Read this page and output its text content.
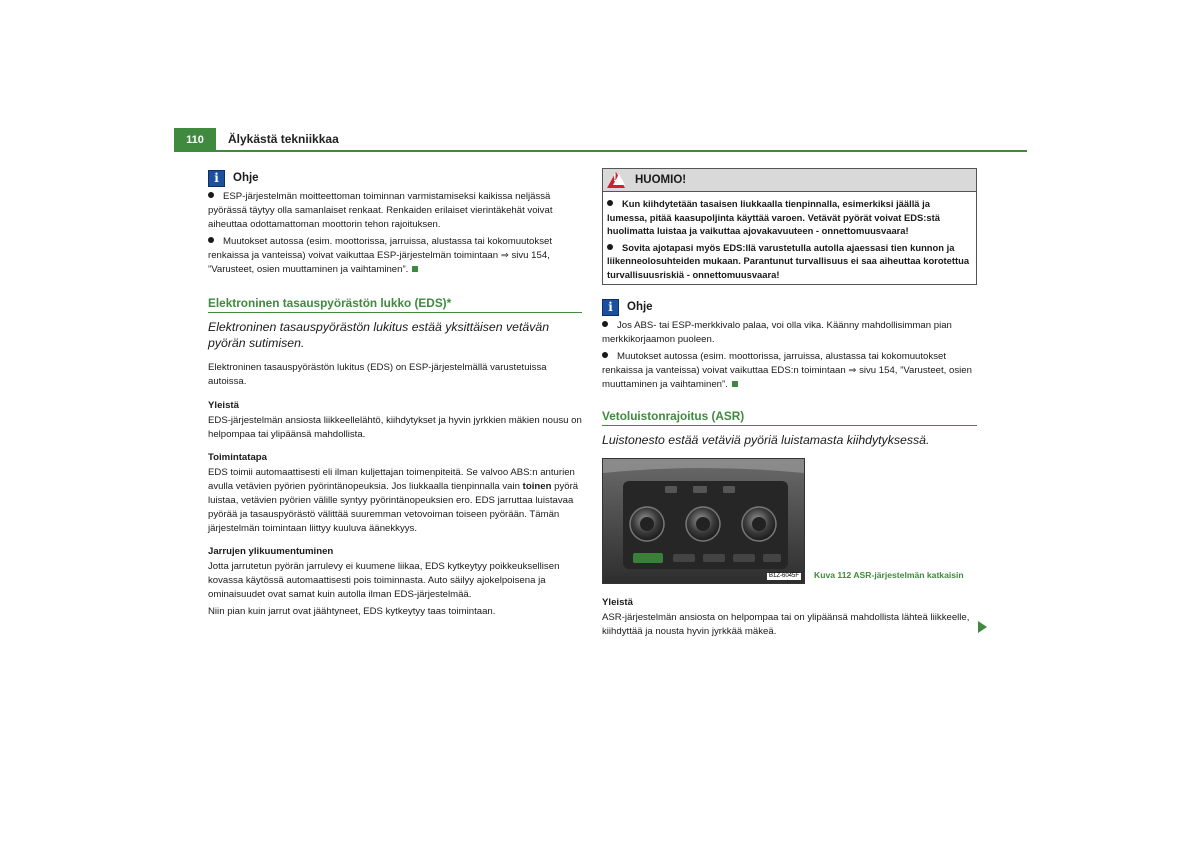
110	Älykästä tekniikkaa
i	Ohje

ESP-järjestelmän moitteettoman toiminnan varmistamiseksi kaikissa neljässä pyörässä täytyy olla samanlaiset renkaat. Renkaiden erilaiset vierintäkehät voivat aiheuttaa odottamattoman moottorin tehon rajoituksen.

Muutokset autossa (esim. moottorissa, jarruissa, alustassa tai kokomuutokset renkaissa ja vanteissa) voivat vaikuttaa ESP-järjestelmän toimintaan ⇒ sivu 154, ”Varusteet, osien muuttaminen ja vaihtaminen”.

Elektroninen tasauspyörästön lukko (EDS)*

Elektroninen tasauspyörästön lukitus estää yksittäisen vetävän pyörän sutimisen.

Elektroninen tasauspyörästön lukitus (EDS) on ESP-järjestelmällä varustetuissa autoissa.

Yleistä

EDS-järjestelmän ansiosta liikkeellelähtö, kiihdytykset ja hyvin jyrkkien mäkien nousu on helpompaa tai ylipäänsä mahdollista.

Toimintatapa

EDS toimii automaattisesti eli ilman kuljettajan toimenpiteitä. Se valvoo ABS:n anturien avulla vetävien pyörien pyörintänopeuksia. Jos liukkaalla tienpinnalla vain toinen pyörä luistaa, vetävien pyörien välille syntyy pyörintänopeuksien ero. EDS jarruttaa luistavaa pyörää ja tasauspyörästö välittää suuremman vetovoiman toiseen pyörään. Tämän järjestelmän toimintaan liittyy kuuluva äänekkyys.

Jarrujen ylikuumentuminen

Jotta jarrutetun pyörän jarrulevy ei kuumene liikaa, EDS kytkeytyy poikkeuksellisen kovassa käytössä automaattisesti pois toiminnasta. Auto säilyy ajokelpoisena ja ominaisuudet ovat samat kuin autolla ilman EDS-järjestelmää.

Niin pian kuin jarrut ovat jäähtyneet, EDS kytkeytyy taas toimintaan.

! HUOMIO!

Kun kiihdytetään tasaisen liukkaalla tienpinnalla, esimerkiksi jäällä ja lumessa, pitää kaasupoljinta käyttää varoen. Vetävät pyörät voivat EDS:stä huolimatta luistaa ja vaikuttaa ajovakavuuteen - onnettomuusvaara!

Sovita ajotapasi myös EDS:llä varustetulla autolla ajaessasi tien kunnon ja liikenneolosuhteiden mukaan. Parantunut turvallisuus ei saa aiheuttaa korotettua turvallisuusriskiä - onnettomuusvaara!

i	Ohje

Jos ABS- tai ESP-merkkivalo palaa, voi olla vika. Käänny mahdollisimman pian merkkikorjaamon puoleen.

Muutokset autossa (esim. moottorissa, jarruissa, alustassa tai kokomuutokset renkaissa ja vanteissa) voivat vaikuttaa EDS:n toimintaan ⇒ sivu 154, ”Varusteet, osien muuttaminen ja vaihtaminen”.

Vetoluistonrajoitus (ASR)

Luistonesto estää vetäviä pyöriä luistamasta kiihdytyksessä.

B1Z-6045F Kuva 112 ASR-järjestelmän katkaisin

Yleistä

ASR-järjestelmän ansiosta on helpompaa tai on ylipäänsä mahdollista lähteä liikkeelle, kiihdyttää ja nousta hyvin jyrkkää mäkeä.
